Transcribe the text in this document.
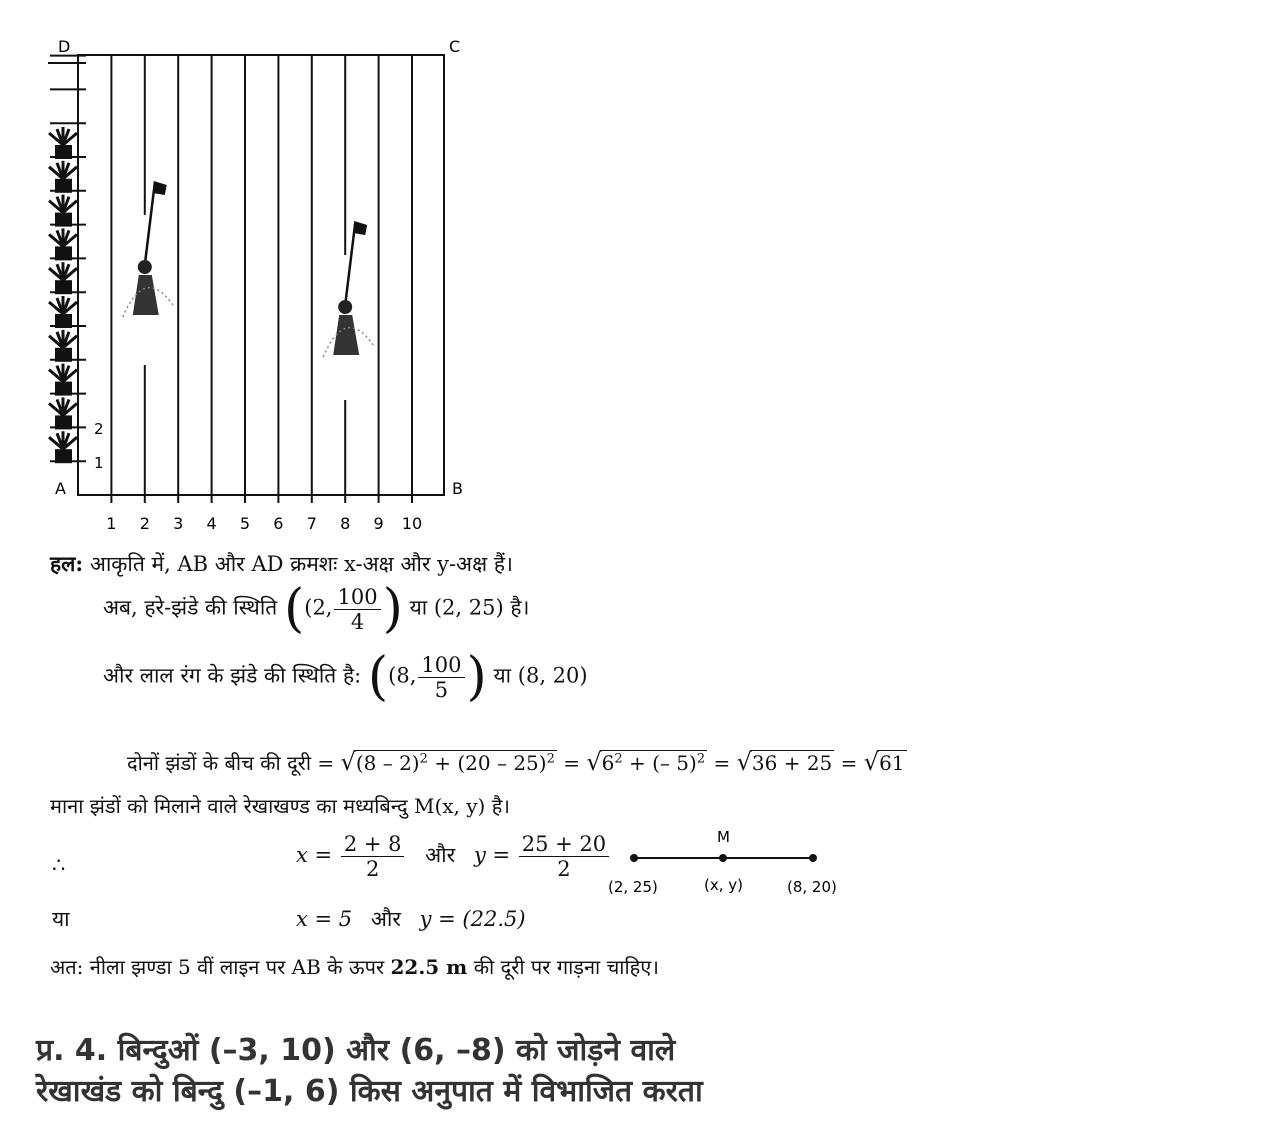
D	C
A	B
2
1
1 2 3 4 5 6 7 8 9 10
हल: आकृति में, AB और AD क्रमशः x-अक्ष और y-अक्ष हैं।
अब, हरे-झंडे की स्थिति ((2, $\frac{100}{4}$ ) या (2, 25) है।
और लाल रंग के झंडे की स्थिति है: ((8, $\frac{100}{5}$ ) या (8, 20)
दोनों झंडों के बीच की दूरी = $√(8 - 2)^2 + (20 - 25)^2 = √6^2$ + (– 5)$^2$ = √36 + 25 = √61
माना झंडों को मिलाने वाले रेखाखण्ड का मध्यबिन्दु M(x, y) है।
∴	$x = \frac{2 + 8}{2}$ और $y = \frac{25 + 20}{2}$	M
(2, 25)	(x, y)	(8, 20)
या	x = 5 और y = (22.5)
अत: नीला झण्डा 5 वीं लाइन पर AB के ऊपर 22.5 m की दूरी पर गाड़ना चाहिए।
प्र. 4. बिन्दुओं (–3, 10) और (6, –8) को जोड़ने वाले
रेखाखंड को बिन्दु (–1, 6) किस अनुपात में विभाजित करता
